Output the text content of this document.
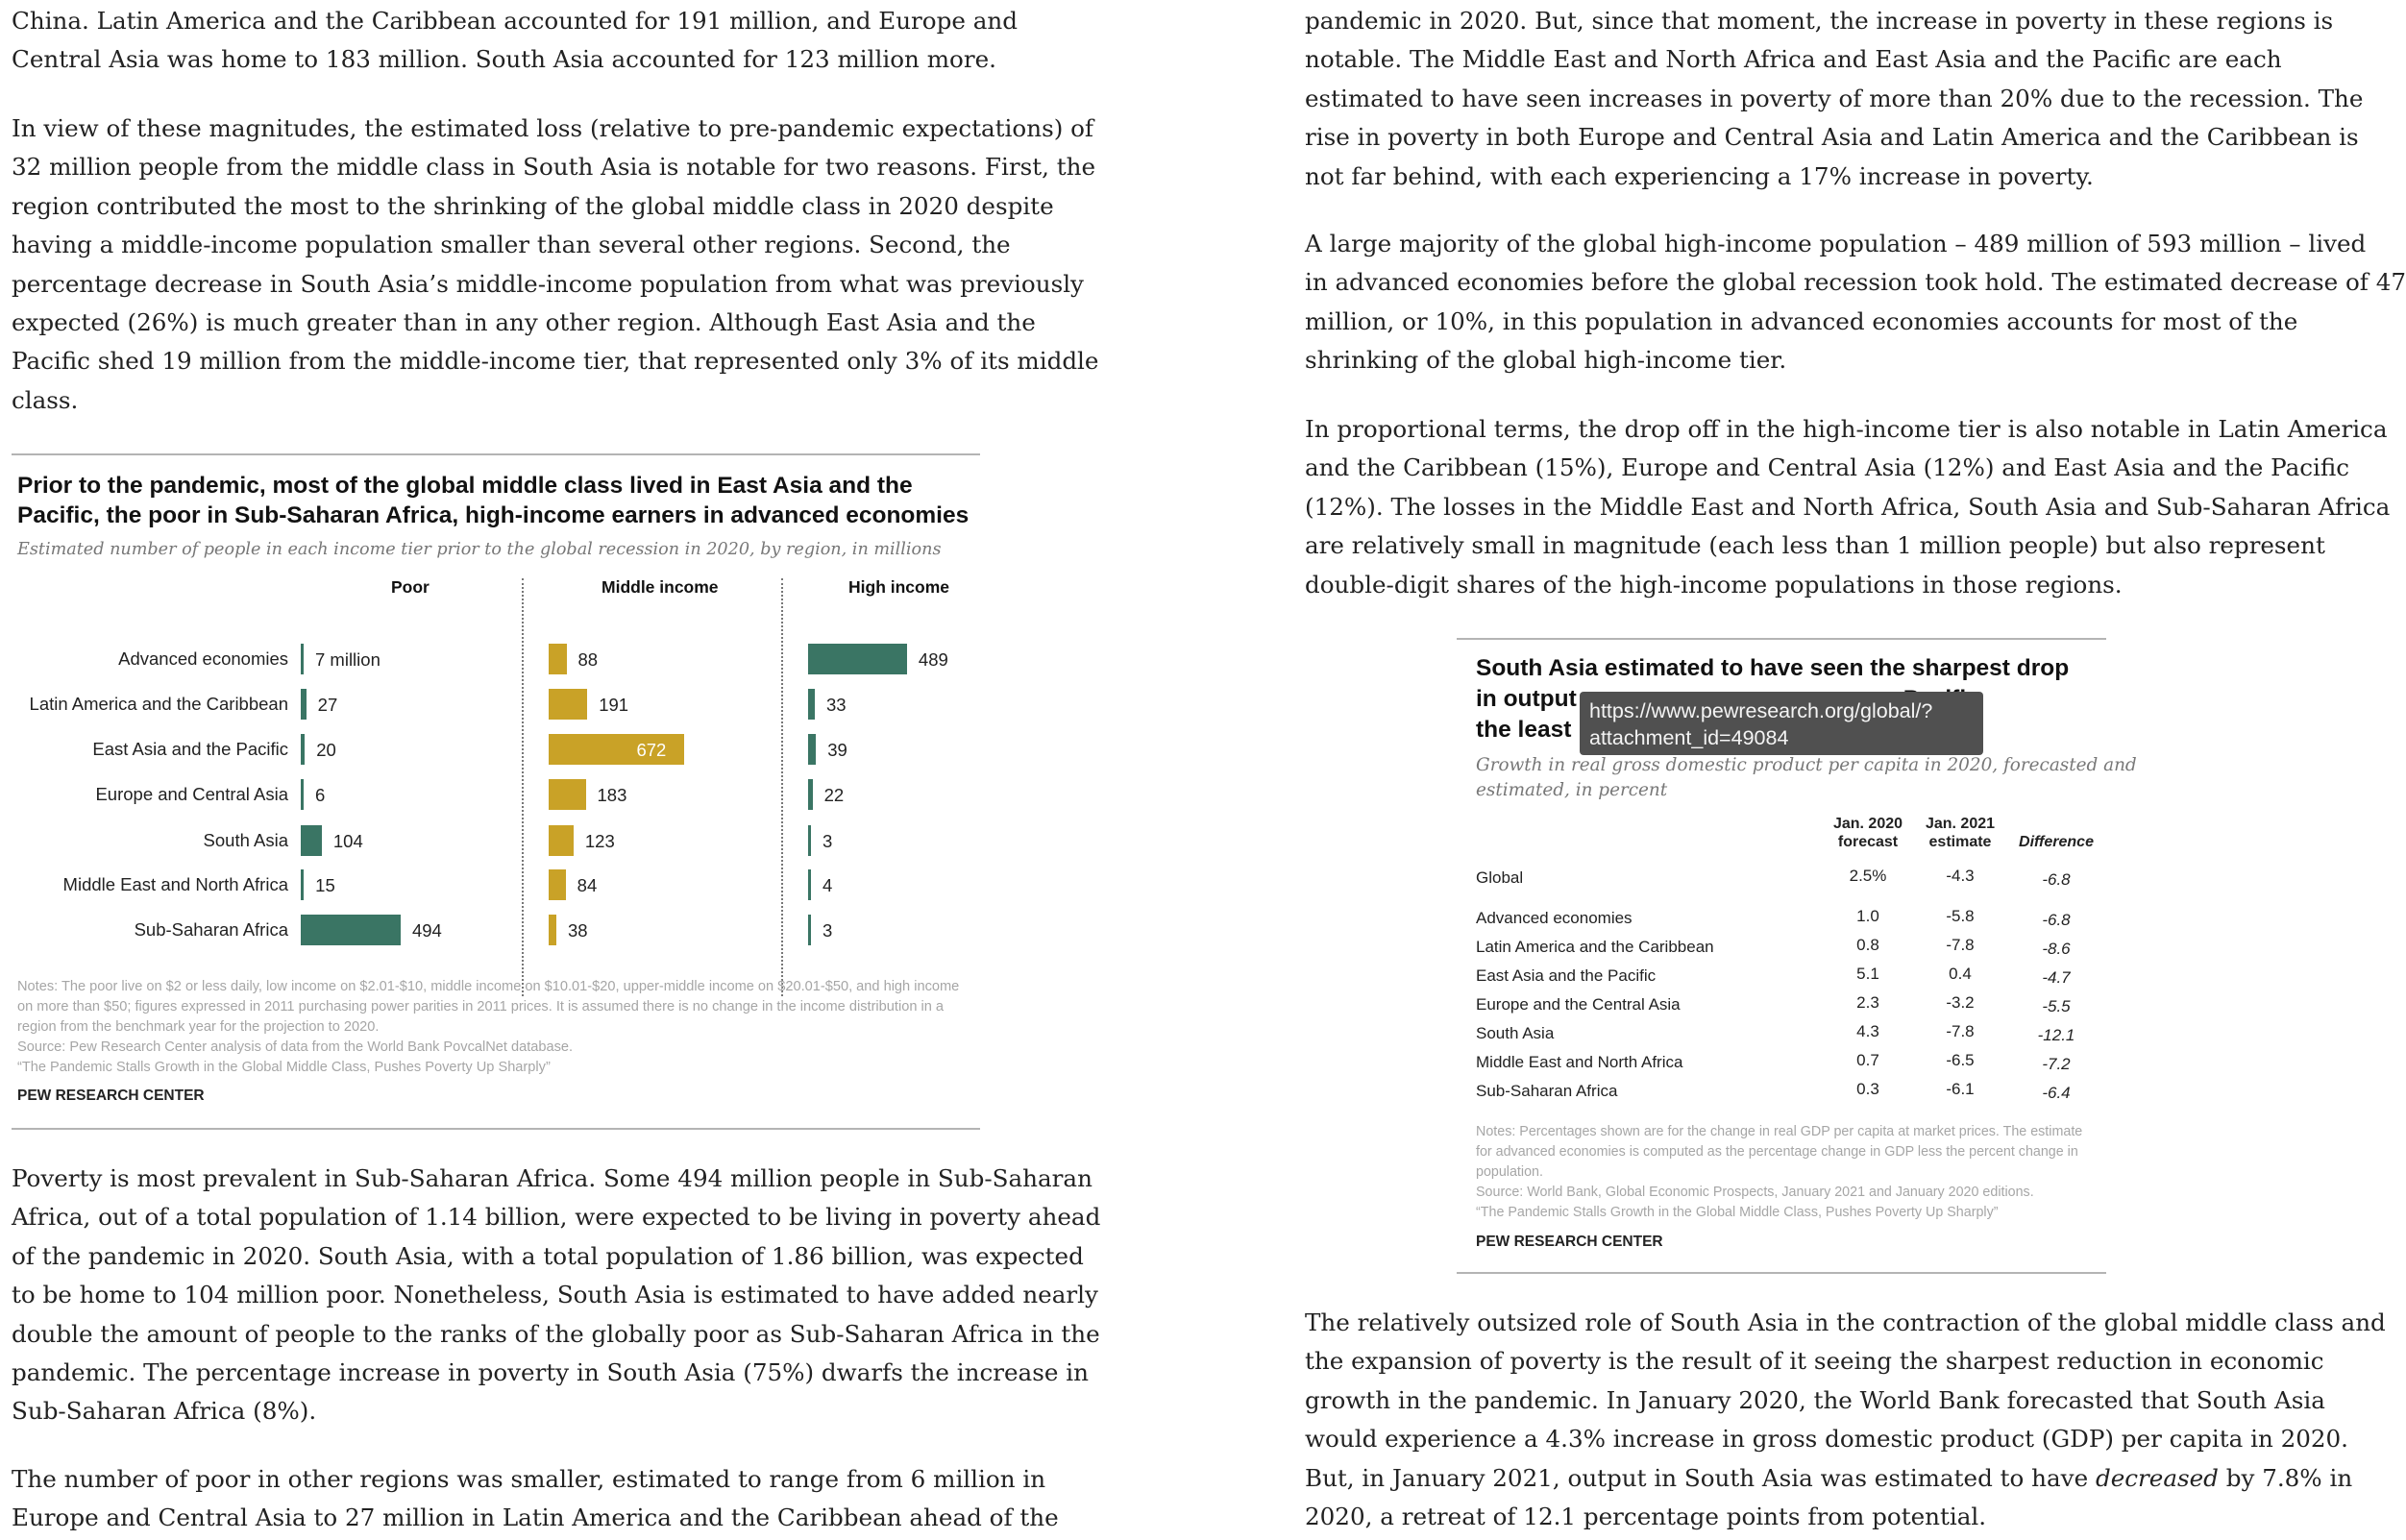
China. Latin America and the Caribbean accounted for 191 million, and Europe and
Central Asia was home to 183 million. South Asia accounted for 123 million more.

In view of these magnitudes, the estimated loss (relative to pre-pandemic expectations) of
32 million people from the middle class in South Asia is notable for two reasons. First, the
region contributed the most to the shrinking of the global middle class in 2020 despite
having a middle-income population smaller than several other regions. Second, the
percentage decrease in South Asia’s middle-income population from what was previously
expected (26%) is much greater than in any other region. Although East Asia and the
Pacific shed 19 million from the middle-income tier, that represented only 3% of its middle
class.

Poverty is most prevalent in Sub-Saharan Africa. Some 494 million people in Sub-Saharan
Africa, out of a total population of 1.14 billion, were expected to be living in poverty ahead
of the pandemic in 2020. South Asia, with a total population of 1.86 billion, was expected
to be home to 104 million poor. Nonetheless, South Asia is estimated to have added nearly
double the amount of people to the ranks of the globally poor as Sub-Saharan Africa in the
pandemic. The percentage increase in poverty in South Asia (75%) dwarfs the increase in
Sub-Saharan Africa (8%).

The number of poor in other regions was smaller, estimated to range from 6 million in
Europe and Central Asia to 27 million in Latin America and the Caribbean ahead of the

Prior to the pandemic, most of the global middle class lived in East Asia and the
Pacific, the poor in Sub-Saharan Africa, high-income earners in advanced economies
Estimated number of people in each income tier prior to the global recession in 2020, by region, in millions
Poor	Middle income	High income
Advanced economies 7 million	88	489
Latin America and the Caribbean 27	191	33
East Asia and the Pacific 20	672	39
Europe and Central Asia 6	183	22
South Asia	104	123	3
Middle East and North Africa 15	84	4
Sub-Saharan Africa	494	38	3
Notes: The poor live on $2 or less daily, low income on $2.01-$10, middle income on $10.01-$20, upper-middle income on $20.01-$50, and high income on more than $50; figures expressed in 2011 purchasing power parities in 2011 prices. It is assumed there is no change in the income distribution in a region from the benchmark year for the projection to 2020.
Source: Pew Research Center analysis of data from the World Bank PovcalNet database.
“The Pandemic Stalls Growth in the Global Middle Class, Pushes Poverty Up Sharply”
PEW RESEARCH CENTER

pandemic in 2020. But, since that moment, the increase in poverty in these regions is
notable. The Middle East and North Africa and East Asia and the Pacific are each
estimated to have seen increases in poverty of more than 20% due to the recession. The
rise in poverty in both Europe and Central Asia and Latin America and the Caribbean is
not far behind, with each experiencing a 17% increase in poverty.

A large majority of the global high-income population – 489 million of 593 million – lived
in advanced economies before the global recession took hold. The estimated decrease of 47
million, or 10%, in this population in advanced economies accounts for most of the
shrinking of the global high-income tier.

In proportional terms, the drop off in the high-income tier is also notable in Latin America
and the Caribbean (15%), Europe and Central Asia (12%) and East Asia and the Pacific
(12%). The losses in the Middle East and North Africa, South Asia and Sub-Saharan Africa
are relatively small in magnitude (each less than 1 million people) but also represent
double-digit shares of the high-income populations in those regions.

The relatively outsized role of South Asia in the contraction of the global middle class and
the expansion of poverty is the result of it seeing the sharpest reduction in economic
growth in the pandemic. In January 2020, the World Bank forecasted that South Asia
would experience a 4.3% increase in gross domestic product (GDP) per capita in 2020.
But, in January 2021, output in South Asia was estimated to have decreased by 7.8% in
2020, a retreat of 12.1 percentage points from potential.

South Asia estimated to have seen the sharpest drop
in output
the least
https://www.pewresearch.org/global/?
attachment_id=49084
Growth in real gross domestic product per capita in 2020, forecasted and
estimated, in percent
Jan. 2020
forecast
Jan. 2021
estimate	Difference
Global	2.5%	-4.3	-6.8
Advanced economies	1.0	-5.8	-6.8
Latin America and the Caribbean	0.8	-7.8	-8.6
East Asia and the Pacific	5.1	0.4	-4.7
Europe and the Central Asia	2.3	-3.2	-5.5
South Asia	4.3	-7.8	-12.1
Middle East and North Africa	0.7	-6.5	-7.2
Sub-Saharan Africa	0.3	-6.1	-6.4
Notes: Percentages shown are for the change in real GDP per capita at market prices. The estimate for advanced economies is computed as the percentage change in GDP less the percent change in population.
Source: World Bank, Global Economic Prospects, January 2021 and January 2020 editions.
“The Pandemic Stalls Growth in the Global Middle Class, Pushes Poverty Up Sharply”
PEW RESEARCH CENTER
